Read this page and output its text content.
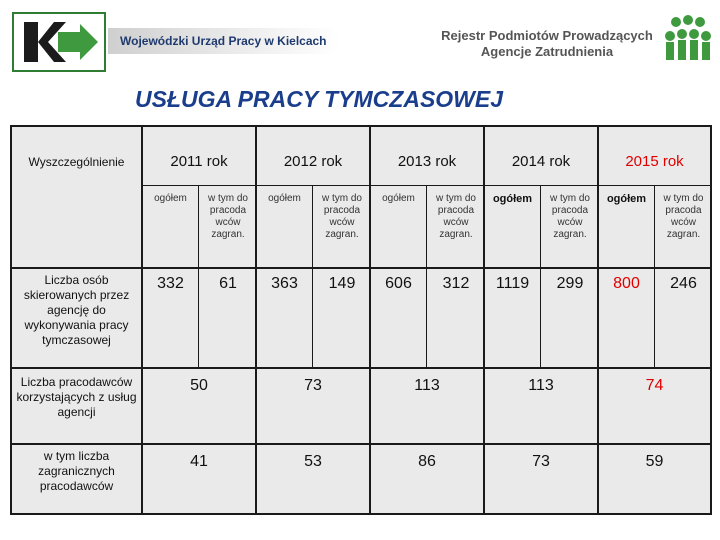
Wojewódzki Urząd Pracy w Kielcach	Rejestr Podmiotów Prowadzących
Agencje Zatrudnienia
USŁUGA PRACY TYMCZASOWEJ
Wyszczególnienie	2011 rok	2012 rok	2013 rok	2014 rok	2015 rok
ogółem	w tym do pracoda wców zagran.
ogółem	w tym do pracoda wców zagran.
ogółem	w tym do pracoda wców zagran.
ogółem	w tym do pracoda wców zagran.
ogółem	w tym do pracoda wców zagran.
Liczba osób skierowanych przez agencję do wykonywania pracy tymczasowej
332	61	363	149	606	312	1119	299	800	246
Liczba pracodawców korzystających z usług agencji
50	73	113	113	74
w tym liczba zagranicznych pracodawców
41	53	86	73	59
